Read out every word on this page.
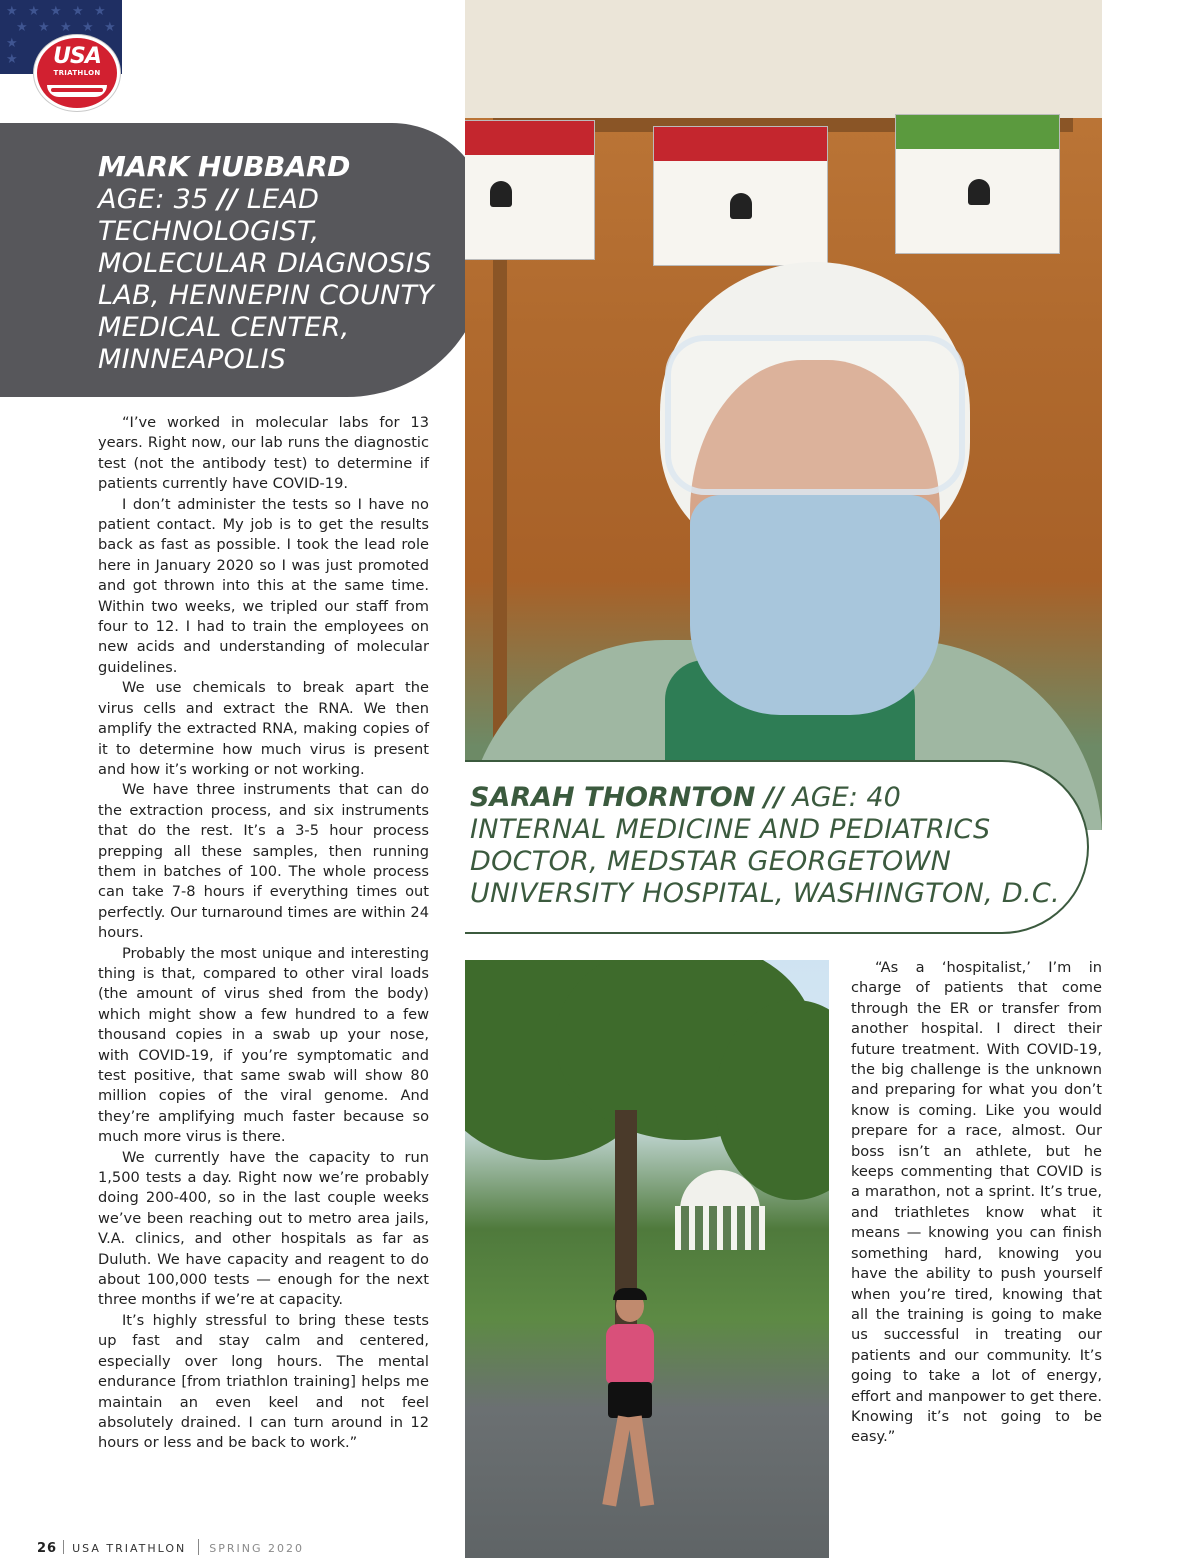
★ ★ ★ ★ ★
★ ★ ★ ★ ★
★
★	USA
TRIATHLON
MARK HUBBARD
AGE: 35 // LEAD TECHNOLOGIST, MOLECULAR DIAGNOSIS LAB, HENNEPIN COUNTY MEDICAL CENTER, MINNEAPOLIS

“I’ve worked in molecular labs for 13 years. Right now, our lab runs the diagnostic test (not the antibody test) to determine if patients currently have COVID-19.

I don’t administer the tests so I have no patient contact. My job is to get the results back as fast as possible. I took the lead role here in January 2020 so I was just promoted and got thrown into this at the same time. Within two weeks, we tripled our staff from four to 12. I had to train the employees on new acids and understanding of molecular guidelines.

We use chemicals to break apart the virus cells and extract the RNA. We then amplify the extracted RNA, making copies of it to determine how much virus is present and how it’s working or not working.

We have three instruments that can do the extraction process, and six instruments that do the rest. It’s a 3-5 hour process prepping all these samples, then running them in batches of 100. The whole process can take 7-8 hours if everything times out perfectly. Our turnaround times are within 24 hours.

Probably the most unique and interesting thing is that, compared to other viral loads (the amount of virus shed from the body) which might show a few hundred to a few thousand copies in a swab up your nose, with COVID-19, if you’re symptomatic and test positive, that same swab will show 80 million copies of the viral genome. And they’re amplifying much faster because so much more virus is there.

We currently have the capacity to run 1,500 tests a day. Right now we’re probably doing 200-400, so in the last couple weeks we’ve been reaching out to metro area jails, V.A. clinics, and other hospitals as far as Duluth. We have capacity and reagent to do about 100,000 tests — enough for the next three months if we’re at capacity.

It’s highly stressful to bring these tests up fast and stay calm and centered, especially over long hours. The mental endurance [from triathlon training] helps me maintain an even keel and not feel absolutely drained. I can turn around in 12 hours or less and be back to work.”

SARAH THORNTON // AGE: 40
INTERNAL MEDICINE AND PEDIATRICS DOCTOR, MEDSTAR GEORGETOWN UNIVERSITY HOSPITAL, WASHINGTON, D.C.

“As a ‘hospitalist,’ I’m in charge of patients that come through the ER or transfer from another hospital. I direct their future treatment. With COVID-19, the big challenge is the unknown and preparing for what you don’t know is coming. Like you would prepare for a race, almost. Our boss isn’t an athlete, but he keeps commenting that COVID is a marathon, not a sprint. It’s true, and triathletes know what it means — knowing you can finish something hard, knowing you have the ability to push yourself when you’re tired, knowing that all the training is going to make us successful in treating our patients and our community. It’s going to take a lot of energy, effort and manpower to get there. Knowing it’s not going to be easy.”

26 USA TRIATHLON SPRING 2020
